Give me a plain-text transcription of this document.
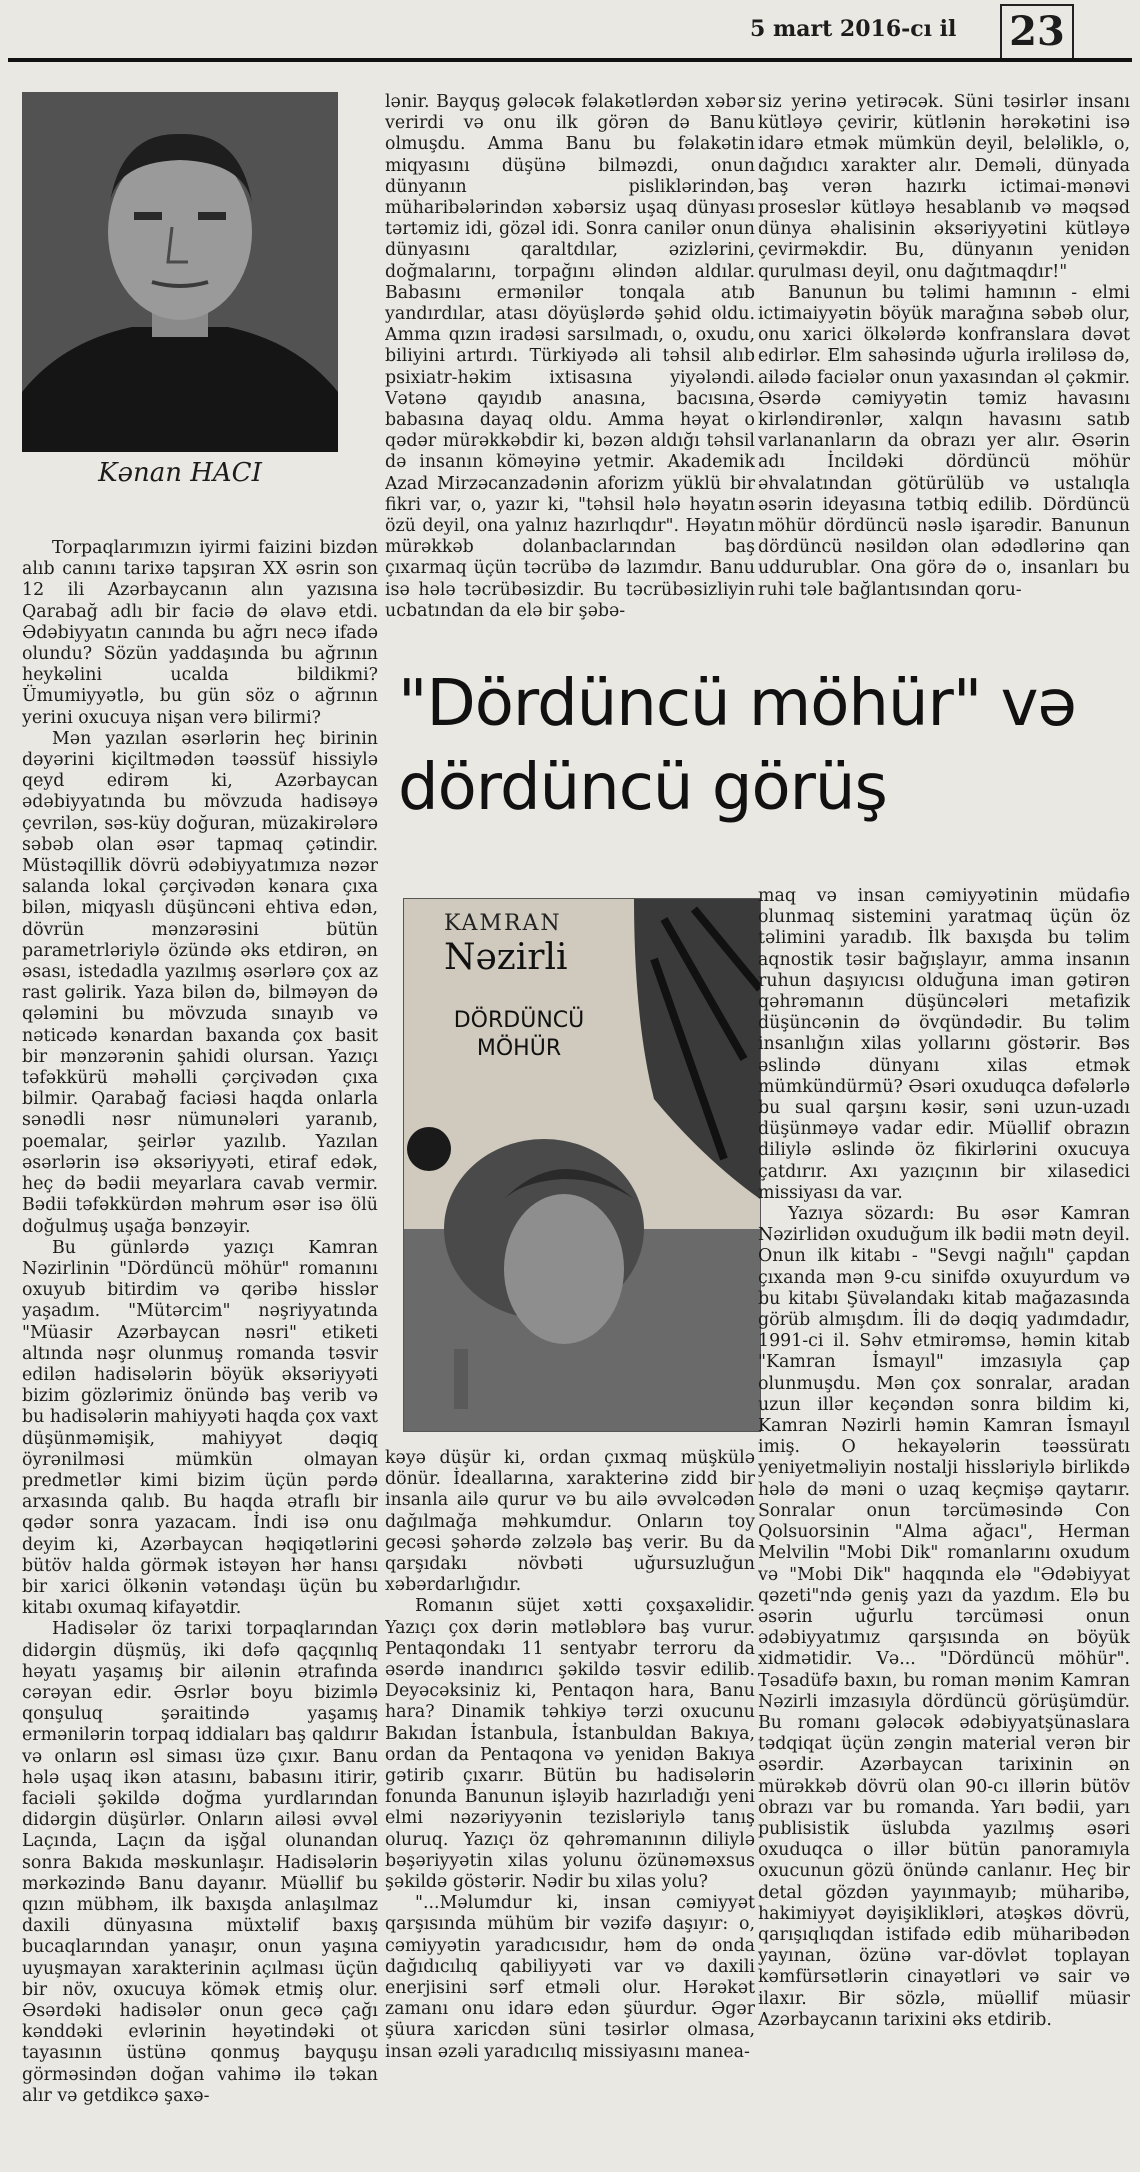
5 mart 2016-cı il 23
Kənan HACI

Torpaqlarımızın iyirmi faizini bizdən alıb canını tarixə tapşıran XX əsrin son 12 ili Azərbaycanın alın yazısına Qarabağ adlı bir faciə də əlavə etdi. Ədəbiyyatın canında bu ağrı necə ifadə olundu? Sözün yaddaşında bu ağrının heykəlini ucalda bildikmi? Ümumiyyətlə, bu gün söz o ağrının yerini oxucuya nişan verə bilirmi?

Mən yazılan əsərlərin heç birinin dəyərini kiçiltmədən təəssüf hissiylə qeyd edirəm ki, Azərbaycan ədəbiyyatında bu mövzuda hadisəyə çevrilən, səs-küy doğuran, müzakirələrə səbəb olan əsər tapmaq çətindir. Müstəqillik dövrü ədəbiyyatımıza nəzər salanda lokal çərçivədən kənara çıxa bilən, miqyaslı düşüncəni ehtiva edən, dövrün mənzərəsini bütün parametrləriylə özündə əks etdirən, ən əsası, istedadla yazılmış əsərlərə çox az rast gəlirik. Yaza bilən də, bilməyən də qələmini bu mövzuda sınayıb və nəticədə kənardan baxanda çox basit bir mənzərənin şahidi olursan. Yazıçı təfəkkürü məhəlli çərçivədən çıxa bilmir. Qarabağ faciəsi haqda onlarla sənədli nəsr nümunələri yaranıb, poemalar, şeirlər yazılıb. Yazılan əsərlərin isə əksəriyyəti, etiraf edək, heç də bədii meyarlara cavab vermir. Bədii təfəkkürdən məhrum əsər isə ölü doğulmuş uşağa bənzəyir.

Bu günlərdə yazıçı Kamran Nəzirlinin "Dördüncü möhür" romanını oxuyub bitirdim və qəribə hisslər yaşadım. "Mütərcim" nəşriyyatında "Müasir Azərbaycan nəsri" etiketi altında nəşr olunmuş romanda təsvir edilən hadisələrin böyük əksəriyyəti bizim gözlərimiz önündə baş verib və bu hadisələrin mahiyyəti haqda çox vaxt düşünməmişik, mahiyyət dəqiq öyrənilməsi mümkün olmayan predmetlər kimi bizim üçün pərdə arxasında qalıb. Bu haqda ətraflı bir qədər sonra yazacam. İndi isə onu deyim ki, Azərbaycan həqiqətlərini bütöv halda görmək istəyən hər hansı bir xarici ölkənin vətəndaşı üçün bu kitabı oxumaq kifayətdir.

Hadisələr öz tarixi torpaqlarından didərgin düşmüş, iki dəfə qaçqınlıq həyatı yaşamış bir ailənin ətrafında cərəyan edir. Əsrlər boyu bizimlə qonşuluq şəraitində yaşamış ermənilərin torpaq iddiaları baş qaldırır və onların əsl siması üzə çıxır. Banu hələ uşaq ikən atasını, babasını itirir, faciəli şəkildə doğma yurdlarından didərgin düşürlər. Onların ailəsi əvvəl Laçında, Laçın da işğal olunandan sonra Bakıda məskunlaşır. Hadisələrin mərkəzində Banu dayanır. Müəllif bu qızın mübhəm, ilk baxışda anlaşılmaz daxili dünyasına müxtəlif baxış bucaqlarından yanaşır, onun yaşına uyuşmayan xarakterinin açılması üçün bir növ, oxucuya kömək etmiş olur. Əsərdəki hadisələr onun gecə çağı kənddəki evlərinin həyətindəki ot tayasının üstünə qonmuş bayquşu görməsindən doğan vahimə ilə təkan alır və getdikcə şaxə-

lənir. Bayquş gələcək fəlakətlərdən xəbər verirdi və onu ilk görən də Banu olmuşdu. Amma Banu bu fəlakətin miqyasını düşünə bilməzdi, onun dünyanın pisliklərindən, müharibələrindən xəbərsiz uşaq dünyası tərtəmiz idi, gözəl idi. Sonra canilər onun dünyasını qaraltdılar, əzizlərini, doğmalarını, torpağını əlindən aldılar. Babasını ermənilər tonqala atıb yandırdılar, atası döyüşlərdə şəhid oldu. Amma qızın iradəsi sarsılmadı, o, oxudu, biliyini artırdı. Türkiyədə ali təhsil alıb psixiatr-həkim ixtisasına yiyələndi. Vətənə qayıdıb anasına, bacısına, babasına dayaq oldu. Amma həyat o qədər mürəkkəbdir ki, bəzən aldığı təhsil də insanın köməyinə yetmir. Akademik Azad Mirzəcanzadənin aforizm yüklü bir fikri var, o, yazır ki, "təhsil hələ həyatın özü deyil, ona yalnız hazırlıqdır". Həyatın mürəkkəb dolanbaclarından baş çıxarmaq üçün təcrübə də lazımdır. Banu isə hələ təcrübəsizdir. Bu təcrübəsizliyin ucbatından da elə bir şəbə-

siz yerinə yetirəcək. Süni təsirlər insanı kütləyə çevirir, kütlənin hərəkətini isə idarə etmək mümkün deyil, beləliklə, o, dağıdıcı xarakter alır. Deməli, dünyada baş verən hazırkı ictimai-mənəvi proseslər kütləyə hesablanıb və məqsəd dünya əhalisinin əksəriyyətini kütləyə çevirməkdir. Bu, dünyanın yenidən qurulması deyil, onu dağıtmaqdır!"

Banunun bu təlimi hamının - elmi ictimaiyyətin böyük marağına səbəb olur, onu xarici ölkələrdə konfranslara dəvət edirlər. Elm sahəsində uğurla irəliləsə də, ailədə faciələr onun yaxasından əl çəkmir. Əsərdə cəmiyyətin təmiz havasını kirləndirənlər, xalqın havasını satıb varlananların da obrazı yer alır. Əsərin adı İncildəki dördüncü möhür əhvalatından götürülüb və ustalıqla əsərin ideyasına tətbiq edilib. Dördüncü möhür dördüncü nəslə işarədir. Banunun dördüncü nəsildən olan ədədlərinə qan uddurublar. Ona görə də o, insanları bu ruhi təle bağlantısından qoru-

"Dördüncü möhür" və dördüncü görüş
KAMRAN
Nəzirli
DÖRDÜNCÜ MÖHÜR

kəyə düşür ki, ordan çıxmaq müşkülə dönür. İdeallarına, xarakterinə zidd bir insanla ailə qurur və bu ailə əvvəlcədən dağılmağa məhkumdur. Onların toy gecəsi şəhərdə zəlzələ baş verir. Bu da qarşıdakı növbəti uğursuzluğun xəbərdarlığıdır.

Romanın süjet xətti çoxşaxəlidir. Yazıçı çox dərin mətləblərə baş vurur. Pentaqondakı 11 sentyabr terroru da əsərdə inandırıcı şəkildə təsvir edilib. Deyəcəksiniz ki, Pentaqon hara, Banu hara? Dinamik təhkiyə tərzi oxucunu Bakıdan İstanbula, İstanbuldan Bakıya, ordan da Pentaqona və yenidən Bakıya gətirib çıxarır. Bütün bu hadisələrin fonunda Banunun işləyib hazırladığı yeni elmi nəzəriyyənin tezisləriylə tanış oluruq. Yazıçı öz qəhrəmanının diliylə bəşəriyyətin xilas yolunu özünəməxsus şəkildə göstərir. Nədir bu xilas yolu?

"...Məlumdur ki, insan cəmiyyət qarşısında mühüm bir vəzifə daşıyır: o, cəmiyyətin yaradıcısıdır, həm də onda dağıdıcılıq qabiliyyəti var və daxili enerjisini sərf etməli olur. Hərəkət zamanı onu idarə edən şüurdur. Əgər şüura xaricdən süni təsirlər olmasa, insan əzəli yaradıcılıq missiyasını manea-

maq və insan cəmiyyətinin müdafiə olunmaq sistemini yaratmaq üçün öz təlimini yaradıb. İlk baxışda bu təlim aqnostik təsir bağışlayır, amma insanın ruhun daşıyıcısı olduğuna iman gətirən qəhrəmanın düşüncələri metafizik düşüncənin də övqündədir. Bu təlim insanlığın xilas yollarını göstərir. Bəs əslində dünyanı xilas etmək mümkündürmü? Əsəri oxuduqca dəfələrlə bu sual qarşını kəsir, səni uzun-uzadı düşünməyə vadar edir. Müəllif obrazın diliylə əslində öz fikirlərini oxucuya çatdırır. Axı yazıçının bir xilasedici missiyası da var.

Yazıya sözardı: Bu əsər Kamran Nəzirlidən oxuduğum ilk bədii mətn deyil. Onun ilk kitabı - "Sevgi nağılı" çapdan çıxanda mən 9-cu sinifdə oxuyurdum və bu kitabı Şüvəlandakı kitab mağazasında görüb almışdım. İli də dəqiq yadımdadır, 1991-ci il. Səhv etmirəmsə, həmin kitab "Kamran İsmayıl" imzasıyla çap olunmuşdu. Mən çox sonralar, aradan uzun illər keçəndən sonra bildim ki, Kamran Nəzirli həmin Kamran İsmayıl imiş. O hekayələrin təəssüratı yeniyetməliyin nostalji hissləriylə birlikdə hələ də məni o uzaq keçmişə qaytarır. Sonralar onun tərcüməsində Con Qolsuorsinin "Alma ağacı", Herman Melvilin "Mobi Dik" romanlarını oxudum və "Mobi Dik" haqqında elə "Ədəbiyyat qəzeti"ndə geniş yazı da yazdım. Elə bu əsərin uğurlu tərcüməsi onun ədəbiyyatımız qarşısında ən böyük xidmətidir. Və... "Dördüncü möhür". Təsadüfə baxın, bu roman mənim Kamran Nəzirli imzasıyla dördüncü görüşümdür. Bu romanı gələcək ədəbiyyatşünaslara tədqiqat üçün zəngin material verən bir əsərdir. Azərbaycan tarixinin ən mürəkkəb dövrü olan 90-cı illərin bütöv obrazı var bu romanda. Yarı bədii, yarı publisistik üslubda yazılmış əsəri oxuduqca o illər bütün panoramıyla oxucunun gözü önündə canlanır. Heç bir detal gözdən yayınmayıb; müharibə, hakimiyyət dəyişiklikləri, atəşkəs dövrü, qarışıqlıqdan istifadə edib müharibədən yayınan, özünə var-dövlət toplayan kəmfürsətlərin cinayətləri və sair və ilaxır. Bir sözlə, müəllif müasir Azərbaycanın tarixini əks etdirib.
